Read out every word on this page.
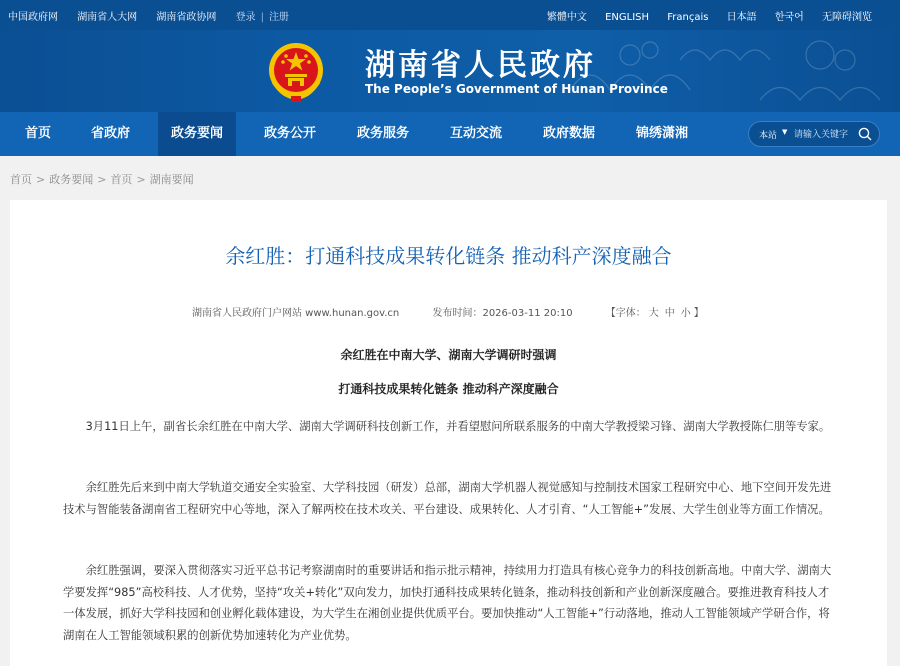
中国政府网 湖南省人大网 湖南省政协网 登录 | 注册	繁體中文 ENGLISH Français 日本語 한국어 无障碍浏览
湖南省人民政府
The People’s Government of Hunan Province
首页	省政府	政务要闻	政务公开	政务服务	互动交流	政府数据	锦绣潇湘	本站 ▼
请输入关键字
首页 > 政务要闻 > 首页 > 湖南要闻
余红胜：打通科技成果转化链条 推动科产深度融合
湖南省人民政府门户网站 www.hunan.gov.cn	发布时间：2026-03-11 20:10	【字体： 大 中 小 】
余红胜在中南大学、湖南大学调研时强调
打通科技成果转化链条 推动科产深度融合

3月11日上午，副省长余红胜在中南大学、湖南大学调研科技创新工作，并看望慰问所联系服务的中南大学教授梁习锋、湖南大学教授陈仁朋等专家。

余红胜先后来到中南大学轨道交通安全实验室、大学科技园（研发）总部，湖南大学机器人视觉感知与控制技术国家工程研究中心、地下空间开发先进技术与智能装备湖南省工程研究中心等地，深入了解两校在技术攻关、平台建设、成果转化、人才引育、“人工智能+”发展、大学生创业等方面工作情况。

余红胜强调，要深入贯彻落实习近平总书记考察湖南时的重要讲话和指示批示精神，持续用力打造具有核心竞争力的科技创新高地。中南大学、湖南大学要发挥“985”高校科技、人才优势，坚持“攻关+转化”双向发力，加快打通科技成果转化链条，推动科技创新和产业创新深度融合。要推进教育科技人才一体发展，抓好大学科技园和创业孵化载体建设，为大学生在湘创业提供优质平台。要加快推动“人工智能+”行动落地，推动人工智能领域产学研合作，将湖南在人工智能领域积累的创新优势加速转化为产业优势。
